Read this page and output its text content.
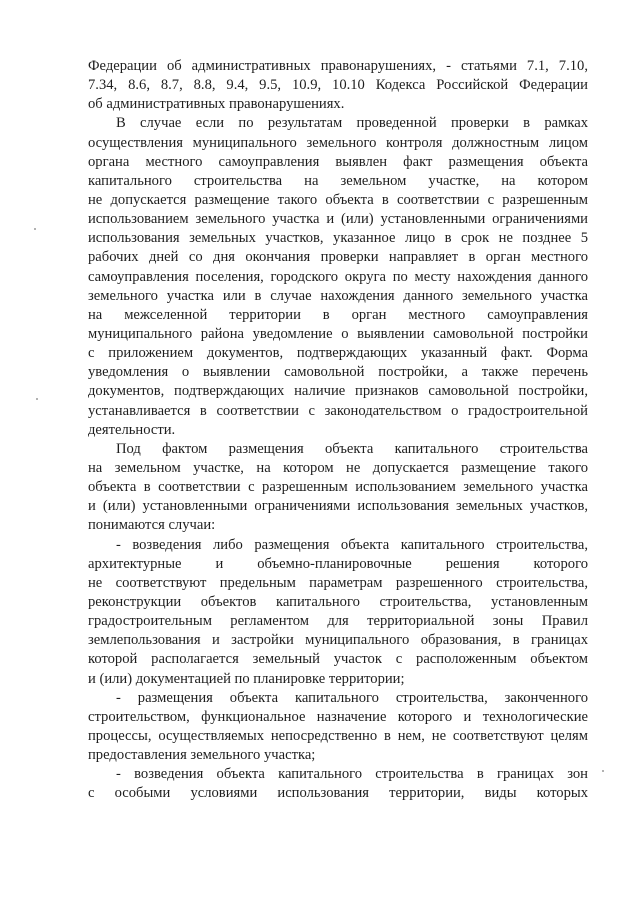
Федерации об административных правонарушениях, - статьями 7.1, 7.10,
7.34, 8.6, 8.7, 8.8, 9.4, 9.5, 10.9, 10.10 Кодекса Российской Федерации
об административных правонарушениях.
В случае если по результатам проведенной проверки в рамках
осуществления муниципального земельного контроля должностным лицом
органа местного самоуправления выявлен факт размещения объекта
капитального строительства на земельном участке, на котором
не допускается размещение такого объекта в соответствии с разрешенным
использованием земельного участка и (или) установленными ограничениями
использования земельных участков, указанное лицо в срок не позднее 5
рабочих дней со дня окончания проверки направляет в орган местного
самоуправления поселения, городского округа по месту нахождения данного
земельного участка или в случае нахождения данного земельного участка
на межселенной территории в орган местного самоуправления
муниципального района уведомление о выявлении самовольной постройки
с приложением документов, подтверждающих указанный факт. Форма
уведомления о выявлении самовольной постройки, а также перечень
документов, подтверждающих наличие признаков самовольной постройки,
устанавливается в соответствии с законодательством о градостроительной
деятельности.
Под фактом размещения объекта капитального строительства
на земельном участке, на котором не допускается размещение такого
объекта в соответствии с разрешенным использованием земельного участка
и (или) установленными ограничениями использования земельных участков,
понимаются случаи:
- возведения либо размещения объекта капитального строительства,
архитектурные и объемно-планировочные решения которого
не соответствуют предельным параметрам разрешенного строительства,
реконструкции объектов капитального строительства, установленным
градостроительным регламентом для территориальной зоны Правил
землепользования и застройки муниципального образования, в границах
которой располагается земельный участок с расположенным объектом
и (или) документацией по планировке территории;
- размещения объекта капитального строительства, законченного
строительством, функциональное назначение которого и технологические
процессы, осуществляемых непосредственно в нем, не соответствуют целям
предоставления земельного участка;
- возведения объекта капитального строительства в границах зон
с особыми условиями использования территории, виды которых
